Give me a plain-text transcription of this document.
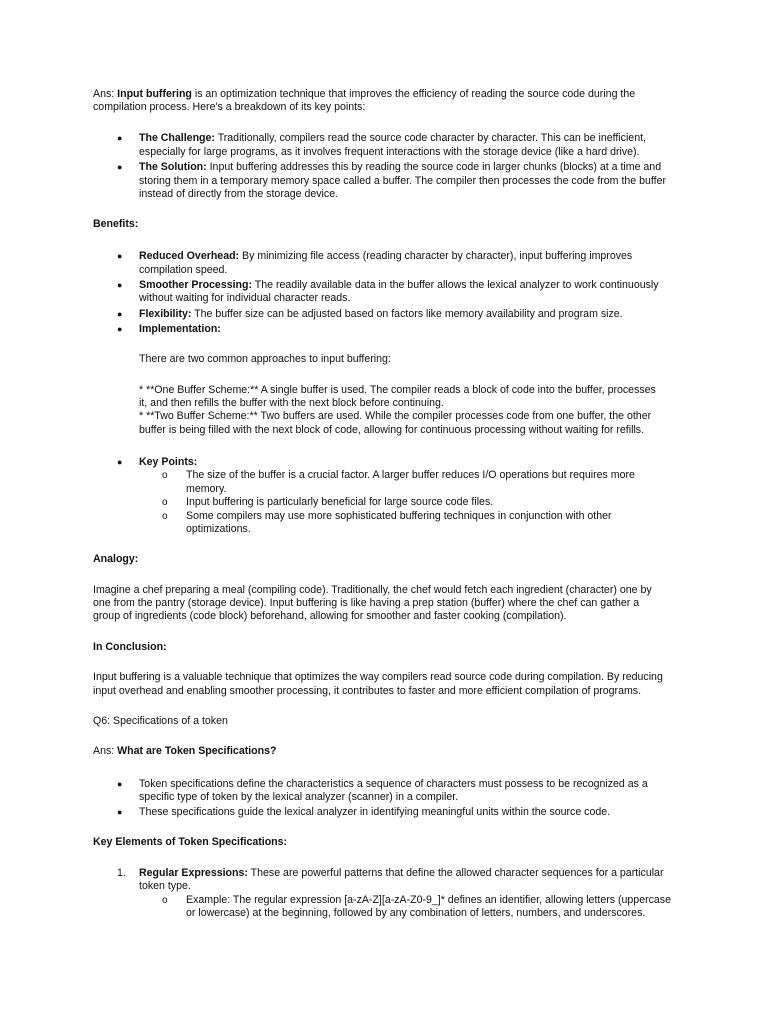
Ans: Input buffering is an optimization technique that improves the efficiency of reading the source code during the
compilation process. Here's a breakdown of its key points:
● The Challenge: Traditionally, compilers read the source code character by character. This can be inefficient,
especially for large programs, as it involves frequent interactions with the storage device (like a hard drive).
● The Solution: Input buffering addresses this by reading the source code in larger chunks (blocks) at a time and
storing them in a temporary memory space called a buffer. The compiler then processes the code from the buffer
instead of directly from the storage device.
Benefits:
● Reduced Overhead: By minimizing file access (reading character by character), input buffering improves
compilation speed.
● Smoother Processing: The readily available data in the buffer allows the lexical analyzer to work continuously
without waiting for individual character reads.
● Flexibility: The buffer size can be adjusted based on factors like memory availability and program size.
● Implementation:
There are two common approaches to input buffering:
* **One Buffer Scheme:** A single buffer is used. The compiler reads a block of code into the buffer, processes
it, and then refills the buffer with the next block before continuing.
* **Two Buffer Scheme:** Two buffers are used. While the compiler processes code from one buffer, the other
buffer is being filled with the next block of code, allowing for continuous processing without waiting for refills.
● Key Points:
o The size of the buffer is a crucial factor. A larger buffer reduces I/O operations but requires more
memory.
o Input buffering is particularly beneficial for large source code files.
o Some compilers may use more sophisticated buffering techniques in conjunction with other
optimizations.
Analogy:
Imagine a chef preparing a meal (compiling code). Traditionally, the chef would fetch each ingredient (character) one by
one from the pantry (storage device). Input buffering is like having a prep station (buffer) where the chef can gather a
group of ingredients (code block) beforehand, allowing for smoother and faster cooking (compilation).
In Conclusion:
Input buffering is a valuable technique that optimizes the way compilers read source code during compilation. By reducing
input overhead and enabling smoother processing, it contributes to faster and more efficient compilation of programs.
Q6: Specifications of a token
Ans: What are Token Specifications?
● Token specifications define the characteristics a sequence of characters must possess to be recognized as a
specific type of token by the lexical analyzer (scanner) in a compiler.
● These specifications guide the lexical analyzer in identifying meaningful units within the source code.
Key Elements of Token Specifications:
1. Regular Expressions: These are powerful patterns that define the allowed character sequences for a particular
token type.
o Example: The regular expression [a-zA-Z][a-zA-Z0-9_]* defines an identifier, allowing letters (uppercase
or lowercase) at the beginning, followed by any combination of letters, numbers, and underscores.
